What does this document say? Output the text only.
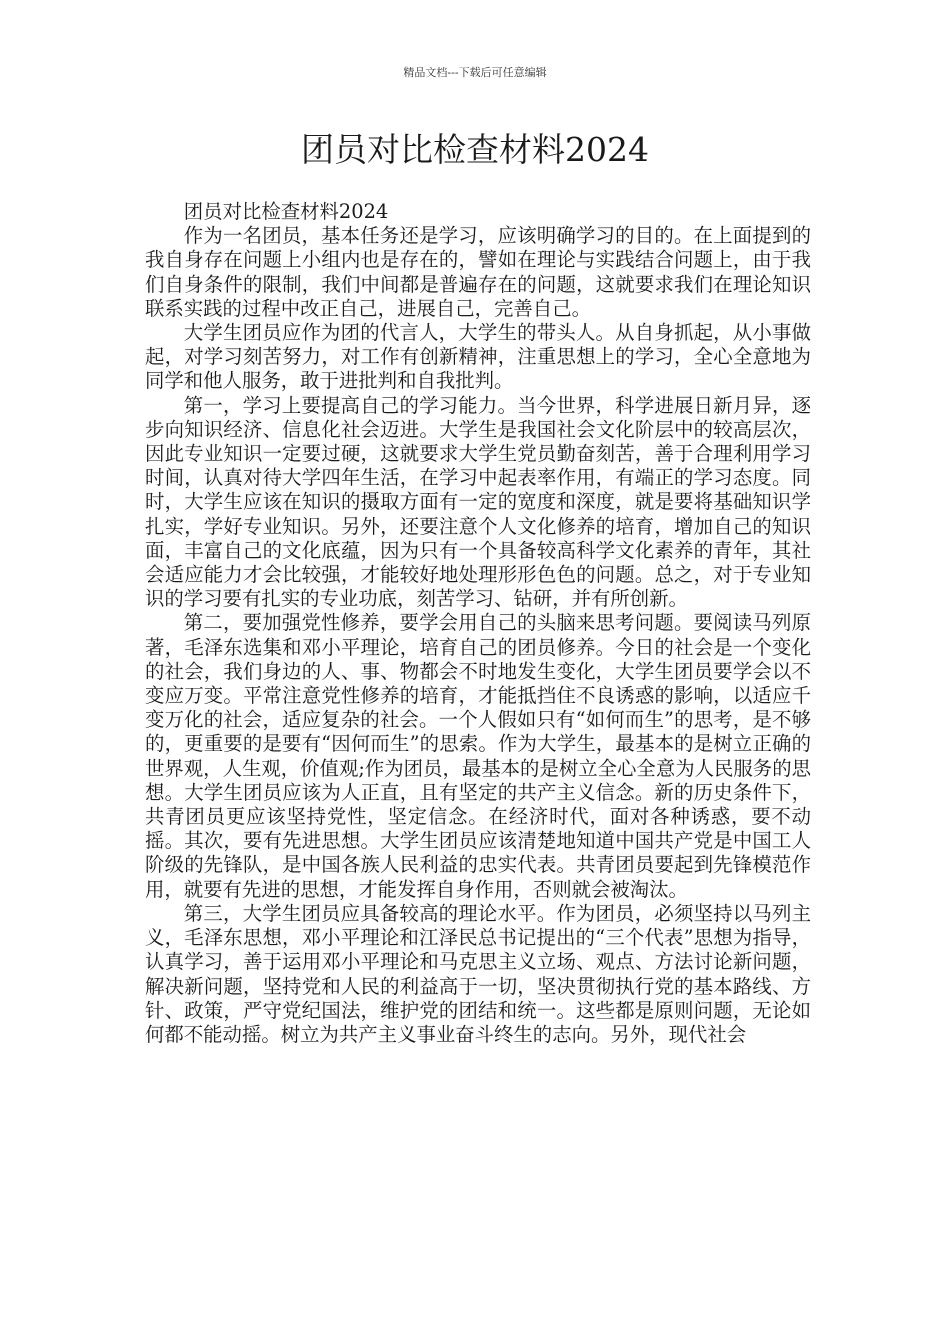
精品文档---下载后可任意编辑
团员对比检查材料2024

团员对比检查材料2024

作为一名团员，基本任务还是学习，应该明确学习的目的。在上面提到的我自身存在问题上小组内也是存在的，譬如在理论与实践结合问题上，由于我们自身条件的限制，我们中间都是普遍存在的问题，这就要求我们在理论知识联系实践的过程中改正自己，进展自己，完善自己。

大学生团员应作为团的代言人，大学生的带头人。从自身抓起，从小事做起，对学习刻苦努力，对工作有创新精神，注重思想上的学习，全心全意地为同学和他人服务，敢于进批判和自我批判。

第一，学习上要提高自己的学习能力。当今世界，科学进展日新月异，逐步向知识经济、信息化社会迈进。大学生是我国社会文化阶层中的较高层次，因此专业知识一定要过硬，这就要求大学生党员勤奋刻苦，善于合理利用学习时间，认真对待大学四年生活，在学习中起表率作用，有端正的学习态度。同时，大学生应该在知识的摄取方面有一定的宽度和深度，就是要将基础知识学扎实，学好专业知识。另外，还要注意个人文化修养的培育，增加自己的知识面，丰富自己的文化底蕴，因为只有一个具备较高科学文化素养的青年，其社会适应能力才会比较强，才能较好地处理形形色色的问题。总之，对于专业知识的学习要有扎实的专业功底，刻苦学习、钻研，并有所创新。

第二，要加强党性修养，要学会用自己的头脑来思考问题。要阅读马列原著，毛泽东选集和邓小平理论，培育自己的团员修养。今日的社会是一个变化的社会，我们身边的人、事、物都会不时地发生变化，大学生团员要学会以不变应万变。平常注意党性修养的培育，才能抵挡住不良诱惑的影响，以适应千变万化的社会，适应复杂的社会。一个人假如只有“如何而生”的思考，是不够的，更重要的是要有“因何而生”的思索。作为大学生，最基本的是树立正确的世界观，人生观，价值观;作为团员，最基本的是树立全心全意为人民服务的思想。大学生团员应该为人正直，且有坚定的共产主义信念。新的历史条件下，共青团员更应该坚持党性，坚定信念。在经济时代，面对各种诱惑，要不动摇。其次，要有先进思想。大学生团员应该清楚地知道中国共产党是中国工人阶级的先锋队，是中国各族人民利益的忠实代表。共青团员要起到先锋模范作用，就要有先进的思想，才能发挥自身作用，否则就会被淘汰。

第三，大学生团员应具备较高的理论水平。作为团员，必须坚持以马列主义，毛泽东思想，邓小平理论和江泽民总书记提出的“三个代表”思想为指导，认真学习，善于运用邓小平理论和马克思主义立场、观点、方法讨论新问题，解决新问题，坚持党和人民的利益高于一切，坚决贯彻执行党的基本路线、方针、政策，严守党纪国法，维护党的团结和统一。这些都是原则问题，无论如何都不能动摇。树立为共产主义事业奋斗终生的志向。另外，现代社会
